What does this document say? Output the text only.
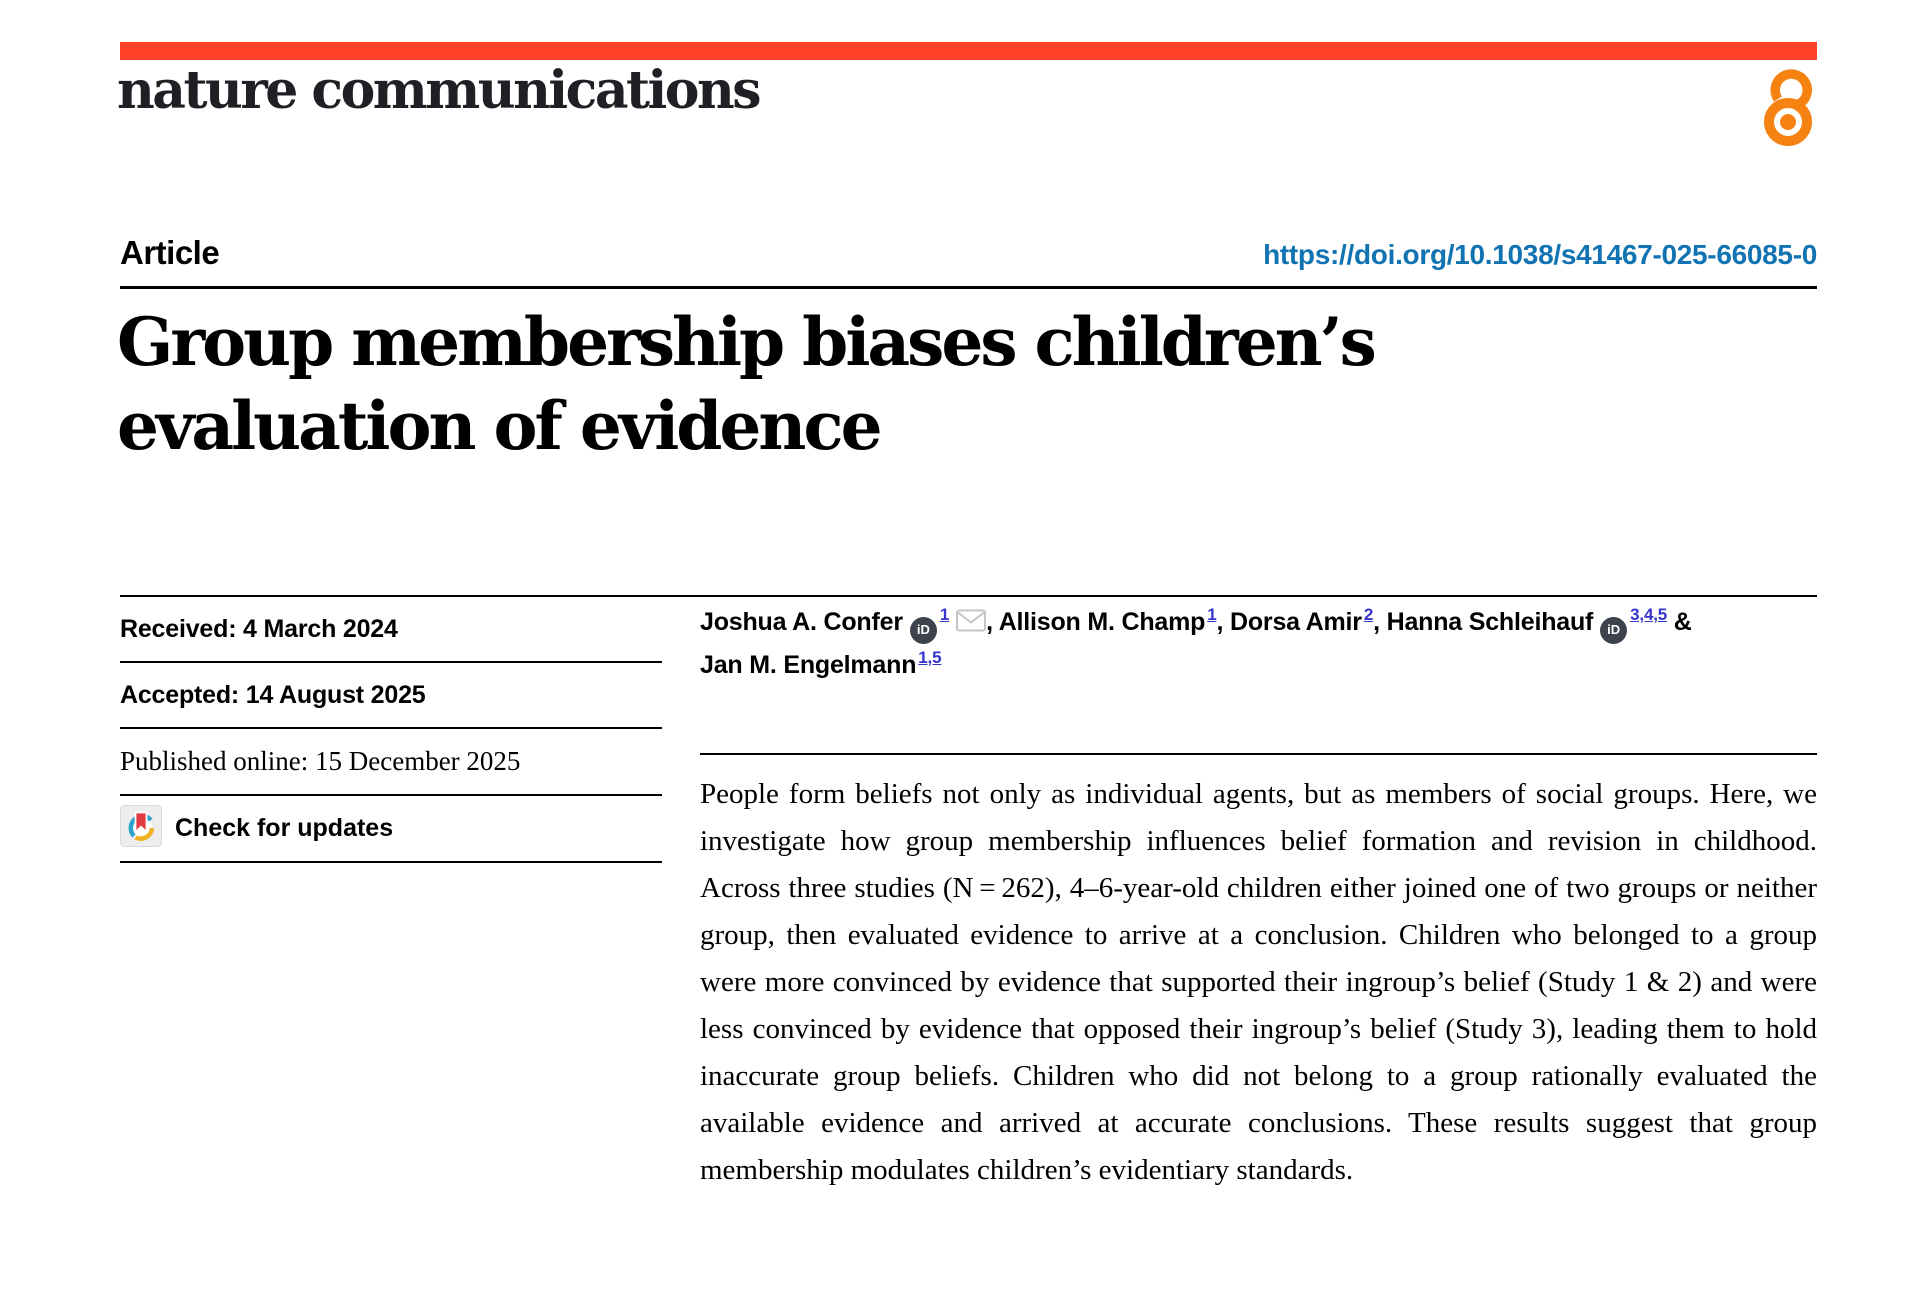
nature communications
Article	https://doi.org/10.1038/s41467-025-66085-0
Group membership biases children’s
evaluation of evidence
Received: 4 March 2024
Accepted: 14 August 2025
Published online: 15 December 2025
Check for updates
Joshua A. Confer iD$^1$ , Allison M. Champ $^1$, Dorsa Amir $^2$, Hanna Schleihauf iD$^{3,4,5}$ &
Jan M. Engelmann $^{1,5}$
People form beliefs not only as individual agents, but as members of social groups. Here, we investigate how group membership influences belief formation and revision in childhood. Across three studies (N = 262), 4–6-year-old children either joined one of two groups or neither group, then evaluated evidence to arrive at a conclusion. Children who belonged to a group were more convinced by evidence that supported their ingroup’s belief (Study 1 & 2) and were less convinced by evidence that opposed their ingroup’s belief (Study 3), leading them to hold inaccurate group beliefs. Children who did not belong to a group rationally evaluated the available evidence and arrived at accurate conclusions. These results suggest that group membership modulates children’s evidentiary standards.
